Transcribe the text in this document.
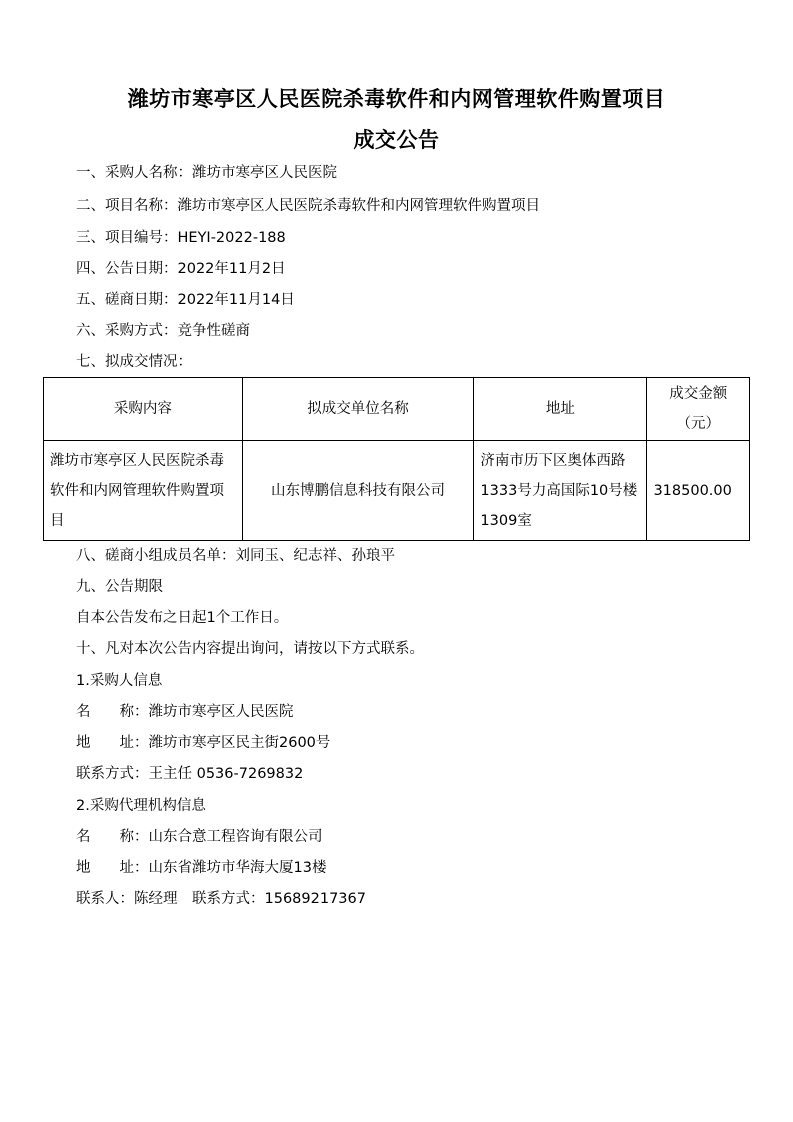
潍坊市寒亭区人民医院杀毒软件和内网管理软件购置项目
成交公告
一、采购人名称：潍坊市寒亭区人民医院
二、项目名称：潍坊市寒亭区人民医院杀毒软件和内网管理软件购置项目
三、项目编号：HEYI-2022-188
四、公告日期：2022年11月2日
五、磋商日期：2022年11月14日
六、采购方式：竞争性磋商
七、拟成交情况：
采购内容	拟成交单位名称	地址	成交金额（元）
潍坊市寒亭区人民医院杀毒软件和内网管理软件购置项目	山东博鹏信息科技有限公司	济南市历下区奥体西路1333号力高国际10号楼1309室	318500.00
八、磋商小组成员名单：刘同玉、纪志祥、孙琅平
九、公告期限
自本公告发布之日起1个工作日。
十、凡对本次公告内容提出询问，请按以下方式联系。
1.采购人信息
名　　称：潍坊市寒亭区人民医院
地　　址：潍坊市寒亭区民主街2600号
联系方式：王主任 0536-7269832
2.采购代理机构信息
名　　称：山东合意工程咨询有限公司
地　　址：山东省潍坊市华海大厦13楼
联系人：陈经理　联系方式：15689217367
